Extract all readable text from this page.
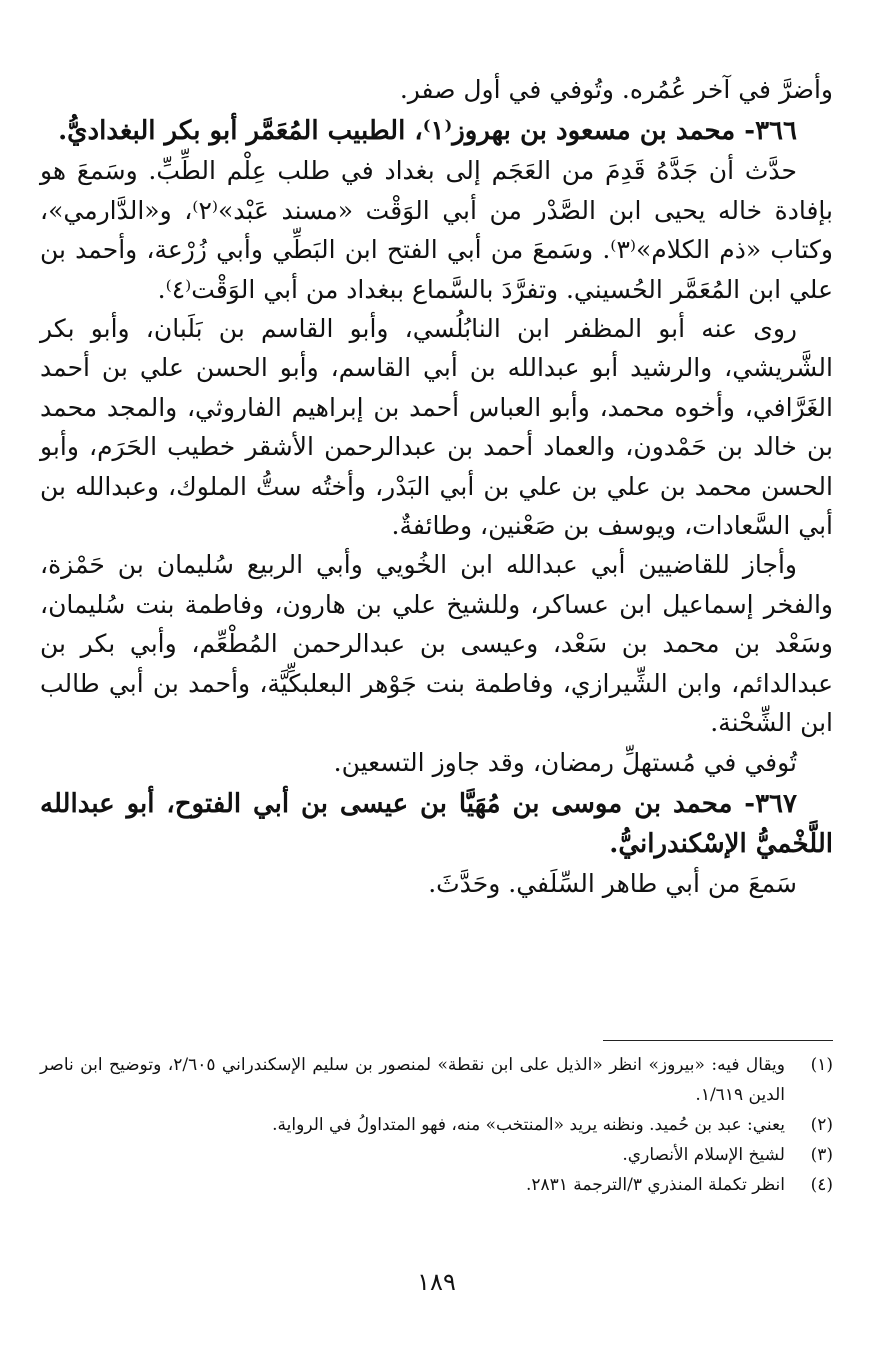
وأضرَّ في آخر عُمُره. وتُوفي في أول صفر.

٣٦٦- محمد بن مسعود بن بهروز⁽١⁾، الطبيب المُعَمَّر أبو بكر البغداديُّ.

حدَّث أن جَدَّهُ قَدِمَ من العَجَم إلى بغداد في طلب عِلْم الطِّبِّ. وسَمعَ هو بإفادة خاله يحيى ابن الصَّدْر من أبي الوَقْت «مسند عَبْد»⁽٢⁾، و«الدَّارمي»، وكتاب «ذم الكلام»⁽٣⁾. وسَمعَ من أبي الفتح ابن البَطِّي وأبي زُرْعة، وأحمد بن علي ابن المُعَمَّر الحُسيني. وتفرَّدَ بالسَّماع ببغداد من أبي الوَقْت⁽٤⁾.

روى عنه أبو المظفر ابن النابُلُسي، وأبو القاسم بن بَلَبان، وأبو بكر الشَّريشي، والرشيد أبو عبدالله بن أبي القاسم، وأبو الحسن علي بن أحمد الغَرَّافي، وأخوه محمد، وأبو العباس أحمد بن إبراهيم الفاروثي، والمجد محمد بن خالد بن حَمْدون، والعماد أحمد بن عبدالرحمن الأشقر خطيب الحَرَم، وأبو الحسن محمد بن علي بن علي بن أبي البَدْر، وأختُه ستُّ الملوك، وعبدالله بن أبي السَّعادات، ويوسف بن صَعْنين، وطائفةٌ.

وأجاز للقاضيين أبي عبدالله ابن الخُويي وأبي الربيع سُليمان بن حَمْزة، والفخر إسماعيل ابن عساكر، وللشيخ علي بن هارون، وفاطمة بنت سُليمان، وسَعْد بن محمد بن سَعْد، وعيسى بن عبدالرحمن المُطْعِّم، وأبي بكر بن عبدالدائم، وابن الشِّيرازي، وفاطمة بنت جَوْهر البعلبكِّيَّة، وأحمد بن أبي طالب ابن الشِّحْنة.

تُوفي في مُستهلِّ رمضان، وقد جاوز التسعين.

٣٦٧- محمد بن موسى بن مُهَيَّا بن عيسى بن أبي الفتوح، أبو عبدالله اللَّخْميُّ الإسْكندرانيُّ.

سَمعَ من أبي طاهر السِّلَفي. وحَدَّثَ.

(١)
ويقال فيه: «بيروز» انظر «الذيل على ابن نقطة» لمنصور بن سليم الإسكندراني ٢/٦٠٥، وتوضيح ابن ناصر الدين ١/٦١٩.
(٢)
يعني: عبد بن حُميد. ونظنه يريد «المنتخب» منه، فهو المتداولُ في الرواية.
(٣)
لشيخ الإسلام الأنصاري.
(٤)
انظر تكملة المنذري ٣/الترجمة ٢٨٣١.
١٨٩
